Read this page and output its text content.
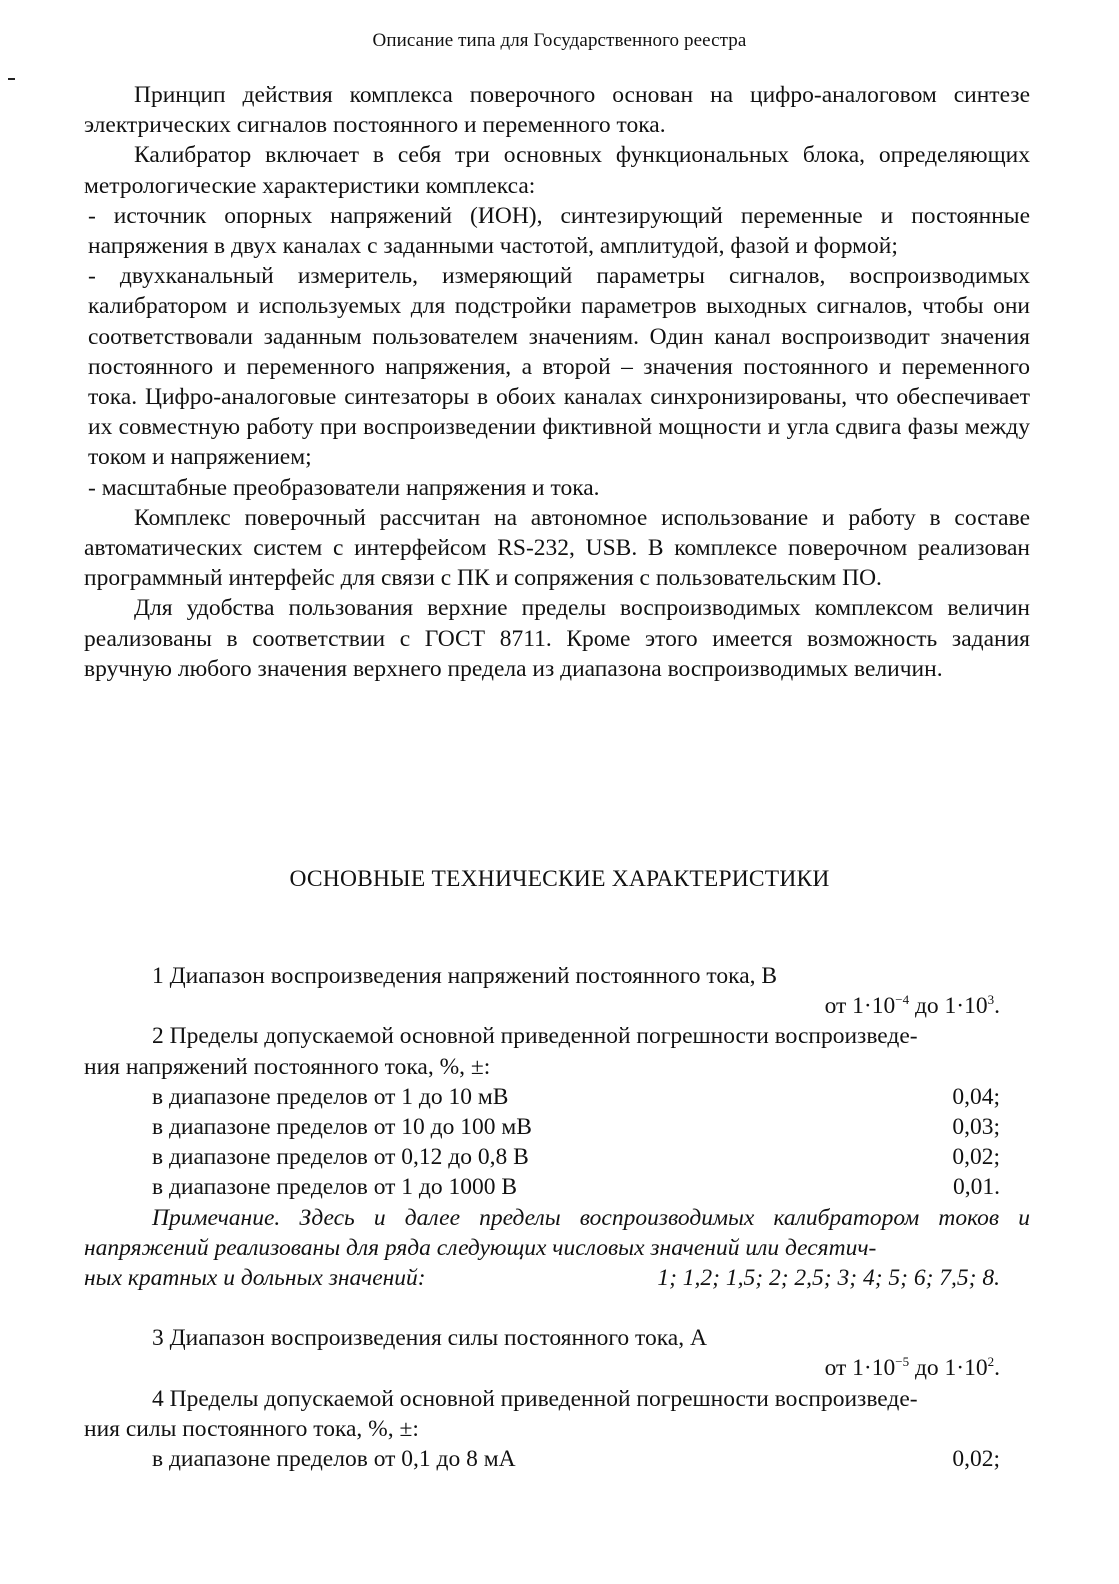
Описание типа для Государственного реестра

Принцип действия комплекса поверочного основан на цифро-аналоговом синтезе электрических сигналов постоянного и переменного тока.

Калибратор включает в себя три основных функциональных блока, определяющих метрологические характеристики комплекса:

- источник опорных напряжений (ИОН), синтезирующий переменные и постоянные напряжения в двух каналах с заданными частотой, амплитудой, фазой и формой;

- двухканальный измеритель, измеряющий параметры сигналов, воспроизводимых калибратором и используемых для подстройки параметров выходных сигналов, чтобы они соответствовали заданным пользователем значениям. Один канал воспроизводит значения постоянного и переменного напряжения, а второй – значения постоянного и переменного тока. Цифро-аналоговые синтезаторы в обоих каналах синхронизированы, что обеспечивает их совместную работу при воспроизведении фиктивной мощности и угла сдвига фазы между током и напряжением;

- масштабные преобразователи напряжения и тока.

Комплекс поверочный рассчитан на автономное использование и работу в составе автоматических систем с интерфейсом RS-232, USB. В комплексе поверочном реализован программный интерфейс для связи с ПК и сопряжения с пользовательским ПО.

Для удобства пользования верхние пределы воспроизводимых комплексом величин реализованы в соответствии с ГОСТ 8711. Кроме этого имеется возможность задания вручную любого значения верхнего предела из диапазона воспроизводимых величин.

ОСНОВНЫЕ ТЕХНИЧЕСКИЕ ХАРАКТЕРИСТИКИ

1 Диапазон воспроизведения напряжений постоянного тока, В

от $1\cdot 10^{-4}$ до $1\cdot 10^3$.

2 Пределы допускаемой основной приведенной погрешности воспроизведе-

ния напряжений постоянного тока, %, ±:

в диапазоне пределов от 1 до 10 мВ	0,04;
в диапазоне пределов от 10 до 100 мВ	0,03;
в диапазоне пределов от 0,12 до 0,8 В	0,02;
в диапазоне пределов от 1 до 1000 В	0,01.

Примечание. Здесь и далее пределы воспроизводимых калибратором токов и напряжений реализованы для ряда следующих числовых значений или десятич-

ных кратных и дольных значений:	1; 1,2; 1,5; 2; 2,5; 3; 4; 5; 6; 7,5; 8.

3 Диапазон воспроизведения силы постоянного тока, А

от $1\cdot 10^{-5}$ до $1\cdot 10^2$.

4 Пределы допускаемой основной приведенной погрешности воспроизведе-

ния силы постоянного тока, %, ±:

в диапазоне пределов от 0,1 до 8 мА	0,02;
